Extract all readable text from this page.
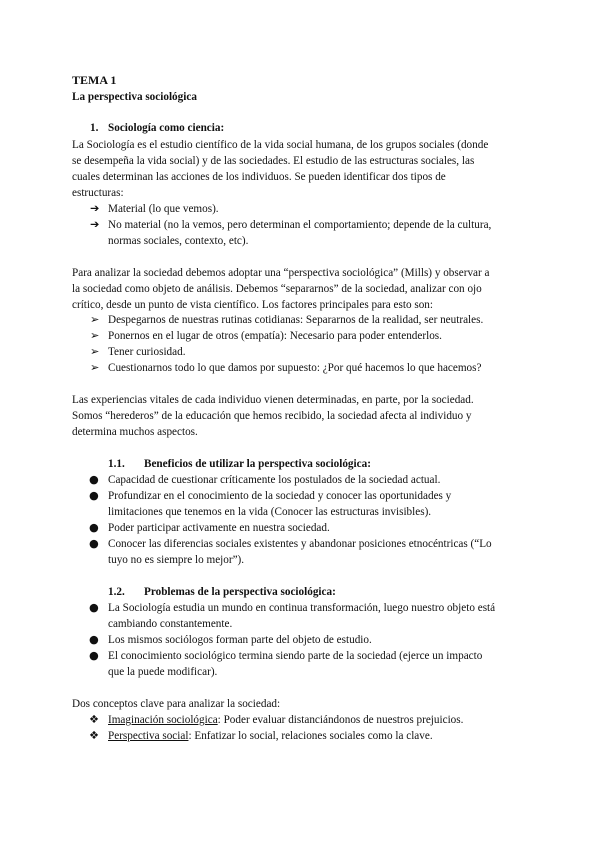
TEMA 1
La perspectiva sociológica
1. Sociología como ciencia:
La Sociología es el estudio científico de la vida social humana, de los grupos sociales (donde
se desempeña la vida social) y de las sociedades. El estudio de las estructuras sociales, las
cuales determinan las acciones de los individuos. Se pueden identificar dos tipos de
estructuras:
➔ Material (lo que vemos).
➔ No material (no la vemos, pero determinan el comportamiento; depende de la cultura,
normas sociales, contexto, etc).
Para analizar la sociedad debemos adoptar una “perspectiva sociológica” (Mills) y observar a
la sociedad como objeto de análisis. Debemos “separarnos” de la sociedad, analizar con ojo
crítico, desde un punto de vista científico. Los factores principales para esto son:
➢ Despegarnos de nuestras rutinas cotidianas: Separarnos de la realidad, ser neutrales.
➢ Ponernos en el lugar de otros (empatía): Necesario para poder entenderlos.
➢ Tener curiosidad.
➢ Cuestionarnos todo lo que damos por supuesto: ¿Por qué hacemos lo que hacemos?
Las experiencias vitales de cada individuo vienen determinadas, en parte, por la sociedad.
Somos “herederos” de la educación que hemos recibido, la sociedad afecta al individuo y
determina muchos aspectos.
1.1. Beneficios de utilizar la perspectiva sociológica:
● Capacidad de cuestionar críticamente los postulados de la sociedad actual.
● Profundizar en el conocimiento de la sociedad y conocer las oportunidades y
limitaciones que tenemos en la vida (Conocer las estructuras invisibles).
● Poder participar activamente en nuestra sociedad.
● Conocer las diferencias sociales existentes y abandonar posiciones etnocéntricas (“Lo
tuyo no es siempre lo mejor”).
1.2. Problemas de la perspectiva sociológica:
● La Sociología estudia un mundo en continua transformación, luego nuestro objeto está
cambiando constantemente.
● Los mismos sociólogos forman parte del objeto de estudio.
● El conocimiento sociológico termina siendo parte de la sociedad (ejerce un impacto
que la puede modificar).
Dos conceptos clave para analizar la sociedad:
❖ Imaginación sociológica: Poder evaluar distanciándonos de nuestros prejuicios.
❖ Perspectiva social: Enfatizar lo social, relaciones sociales como la clave.
